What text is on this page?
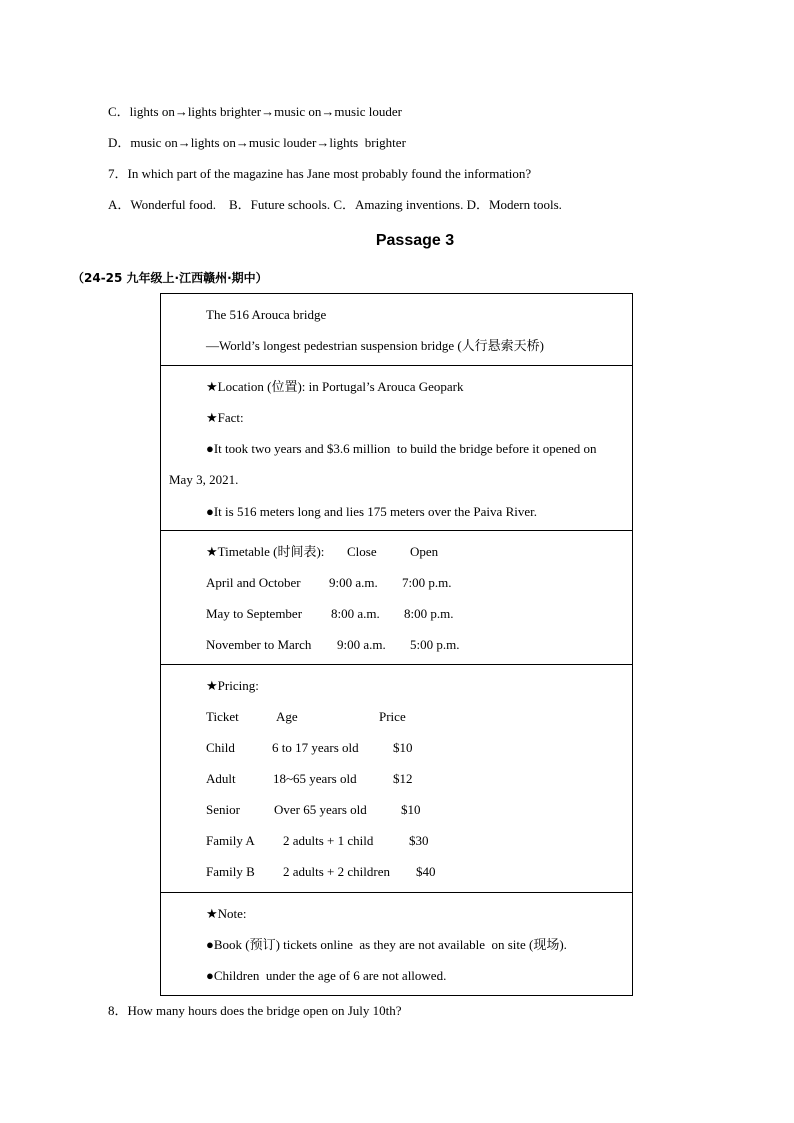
C．lights on→lights brighter→music on→music louder
D．music on→lights on→music louder→lights  brighter
7．In which part of the magazine has Jane most probably found the information?
A．Wonderful food.    B．Future schools. C．Amazing inventions. D．Modern tools.
Passage 3
（24-25 九年级上·江西赣州·期中）
The 516 Arouca bridge
—World’s longest pedestrian suspension bridge (人行悬索天桥)
★Location (位置): in Portugal’s Arouca Geopark
★Fact:
●It took two years and $3.6 million  to build the bridge before it opened on
May 3, 2021.
●It is 516 meters long and lies 175 meters over the Paiva River.
★Timetable (时间表): Close	Open
April and October 9:00 a.m. 7:00 p.m.
May to September 8:00 a.m. 8:00 p.m.
November to March 9:00 a.m. 5:00 p.m.
★Pricing:
Ticket	Age	Price
Child	6 to 17 years old	$10
Adult	18~65 years old	$12
Senior	Over 65 years old	$10
Family A 2 adults + 1 child	$30
Family B 2 adults + 2 children $40
★Note:
●Book (预订) tickets online  as they are not available  on site (现场).
●Children  under the age of 6 are not allowed.
8．How many hours does the bridge open on July 10th?
